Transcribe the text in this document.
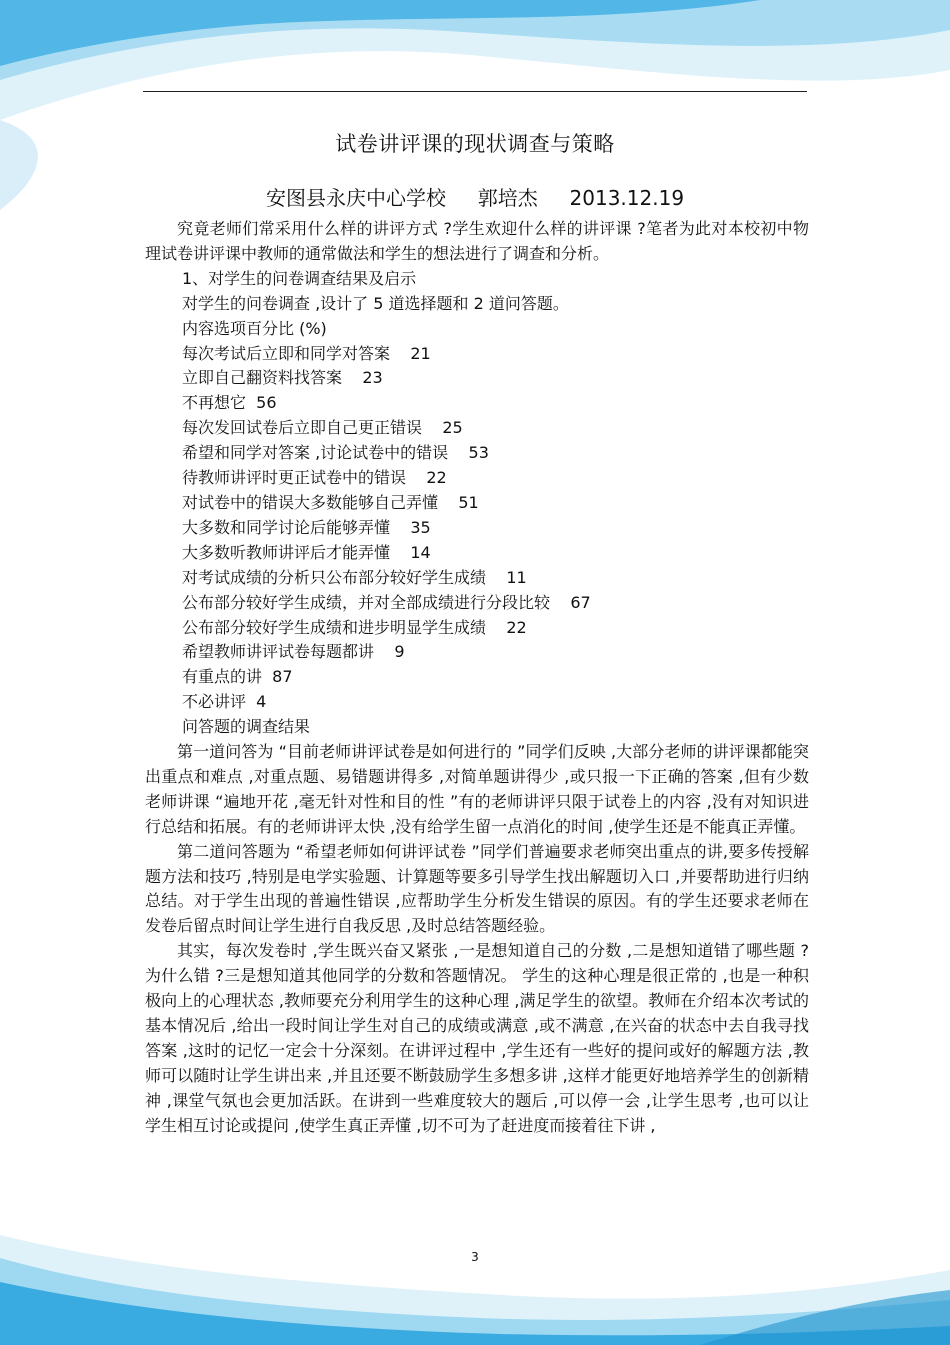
试卷讲评课的现状调查与策略
安图县永庆中心学校     郭培杰     2013.12.19

究竟老师们常采用什么样的讲评方式 ?学生欢迎什么样的讲评课 ?笔者为此对本校初中物理试卷讲评课中教师的通常做法和学生的想法进行了调查和分析。

1、对学生的问卷调查结果及启示

对学生的问卷调查 ,设计了 5 道选择题和 2 道问答题。

内容选项百分比 (%)

每次考试后立即和同学对答案    21

立即自己翻资料找答案    23

不再想它  56

每次发回试卷后立即自己更正错误    25

希望和同学对答案 ,讨论试卷中的错误    53

待教师讲评时更正试卷中的错误    22

对试卷中的错误大多数能够自己弄懂    51

大多数和同学讨论后能够弄懂    35

大多数听教师讲评后才能弄懂    14

对考试成绩的分析只公布部分较好学生成绩    11

公布部分较好学生成绩，并对全部成绩进行分段比较    67

公布部分较好学生成绩和进步明显学生成绩    22

希望教师讲评试卷每题都讲    9

有重点的讲  87

不必讲评  4

问答题的调查结果

第一道问答为 “目前老师讲评试卷是如何进行的 ”同学们反映 ,大部分老师的讲评课都能突出重点和难点 ,对重点题、易错题讲得多 ,对简单题讲得少 ,或只报一下正确的答案 ,但有少数老师讲课 “遍地开花 ,毫无针对性和目的性 ”有的老师讲评只限于试卷上的内容 ,没有对知识进行总结和拓展。有的老师讲评太快 ,没有给学生留一点消化的时间 ,使学生还是不能真正弄懂。

第二道问答题为 “希望老师如何讲评试卷 ”同学们普遍要求老师突出重点的讲,要多传授解题方法和技巧 ,特别是电学实验题、计算题等要多引导学生找出解题切入口 ,并要帮助进行归纳总结。对于学生出现的普遍性错误 ,应帮助学生分析发生错误的原因。有的学生还要求老师在发卷后留点时间让学生进行自我反思 ,及时总结答题经验。

其实，每次发卷时 ,学生既兴奋又紧张 ,一是想知道自己的分数 ,二是想知道错了哪些题 ?为什么错 ?三是想知道其他同学的分数和答题情况。 学生的这种心理是很正常的 ,也是一种积极向上的心理状态 ,教师要充分利用学生的这种心理 ,满足学生的欲望。教师在介绍本次考试的基本情况后 ,给出一段时间让学生对自己的成绩或满意 ,或不满意 ,在兴奋的状态中去自我寻找答案 ,这时的记忆一定会十分深刻。在讲评过程中 ,学生还有一些好的提问或好的解题方法 ,教师可以随时让学生讲出来 ,并且还要不断鼓励学生多想多讲 ,这样才能更好地培养学生的创新精神 ,课堂气氛也会更加活跃。在讲到一些难度较大的题后 ,可以停一会 ,让学生思考 ,也可以让学生相互讨论或提问 ,使学生真正弄懂 ,切不可为了赶进度而接着往下讲 ,

3
